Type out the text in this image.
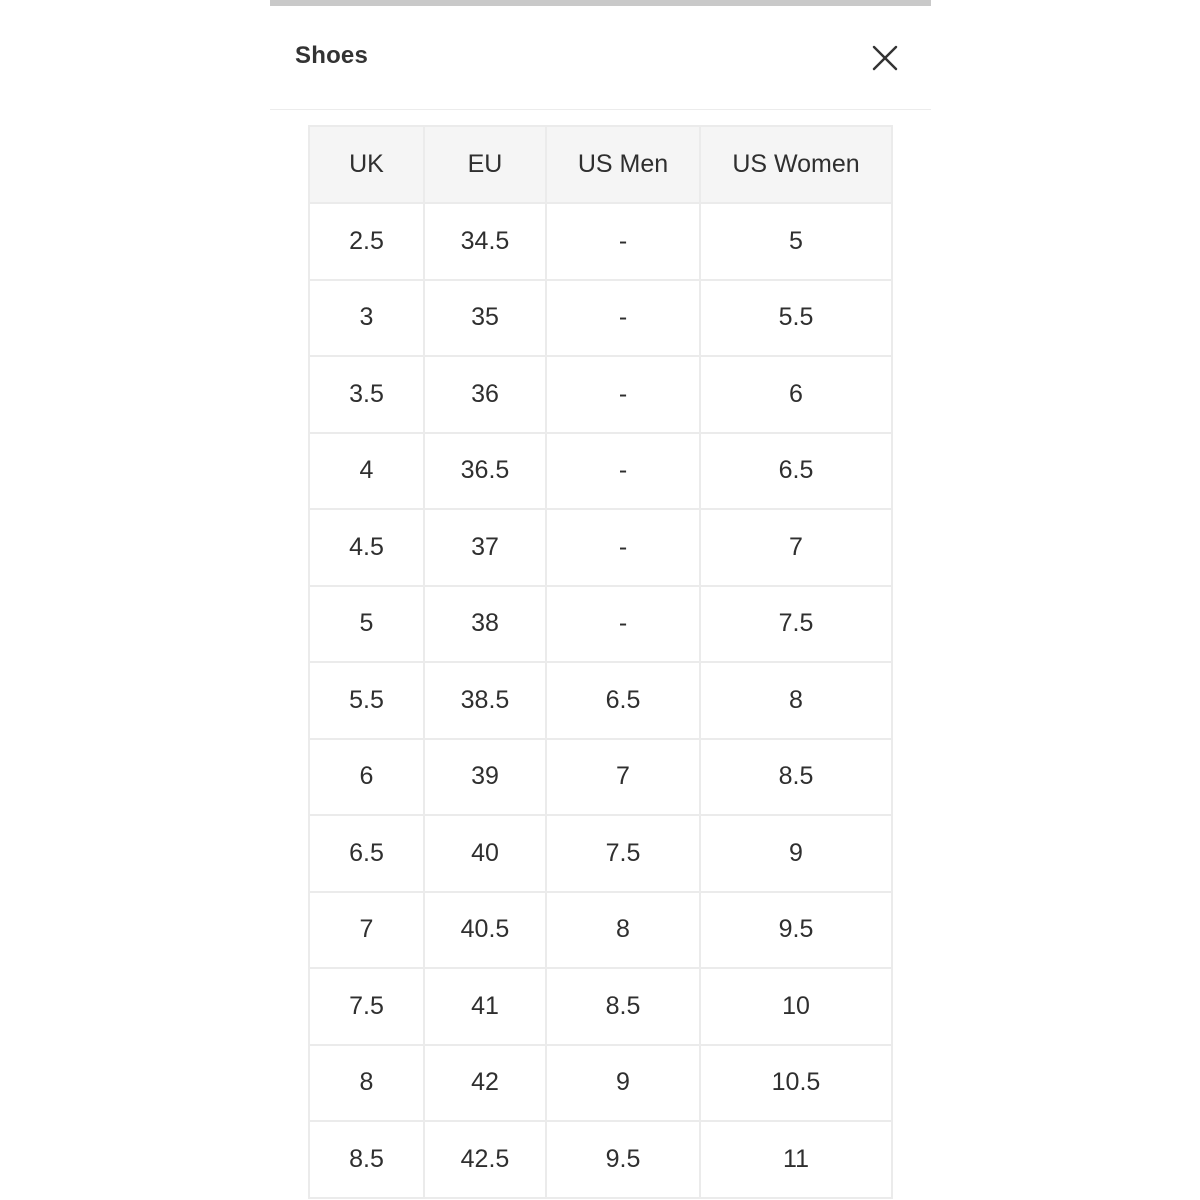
Shoes
UK	EU	US Men	US Women
2.5	34.5	-	5
3	35	-	5.5
3.5	36	-	6
4	36.5	-	6.5
4.5	37	-	7
5	38	-	7.5
5.5	38.5	6.5	8
6	39	7	8.5
6.5	40	7.5	9
7	40.5	8	9.5
7.5	41	8.5	10
8	42	9	10.5
8.5	42.5	9.5	11
